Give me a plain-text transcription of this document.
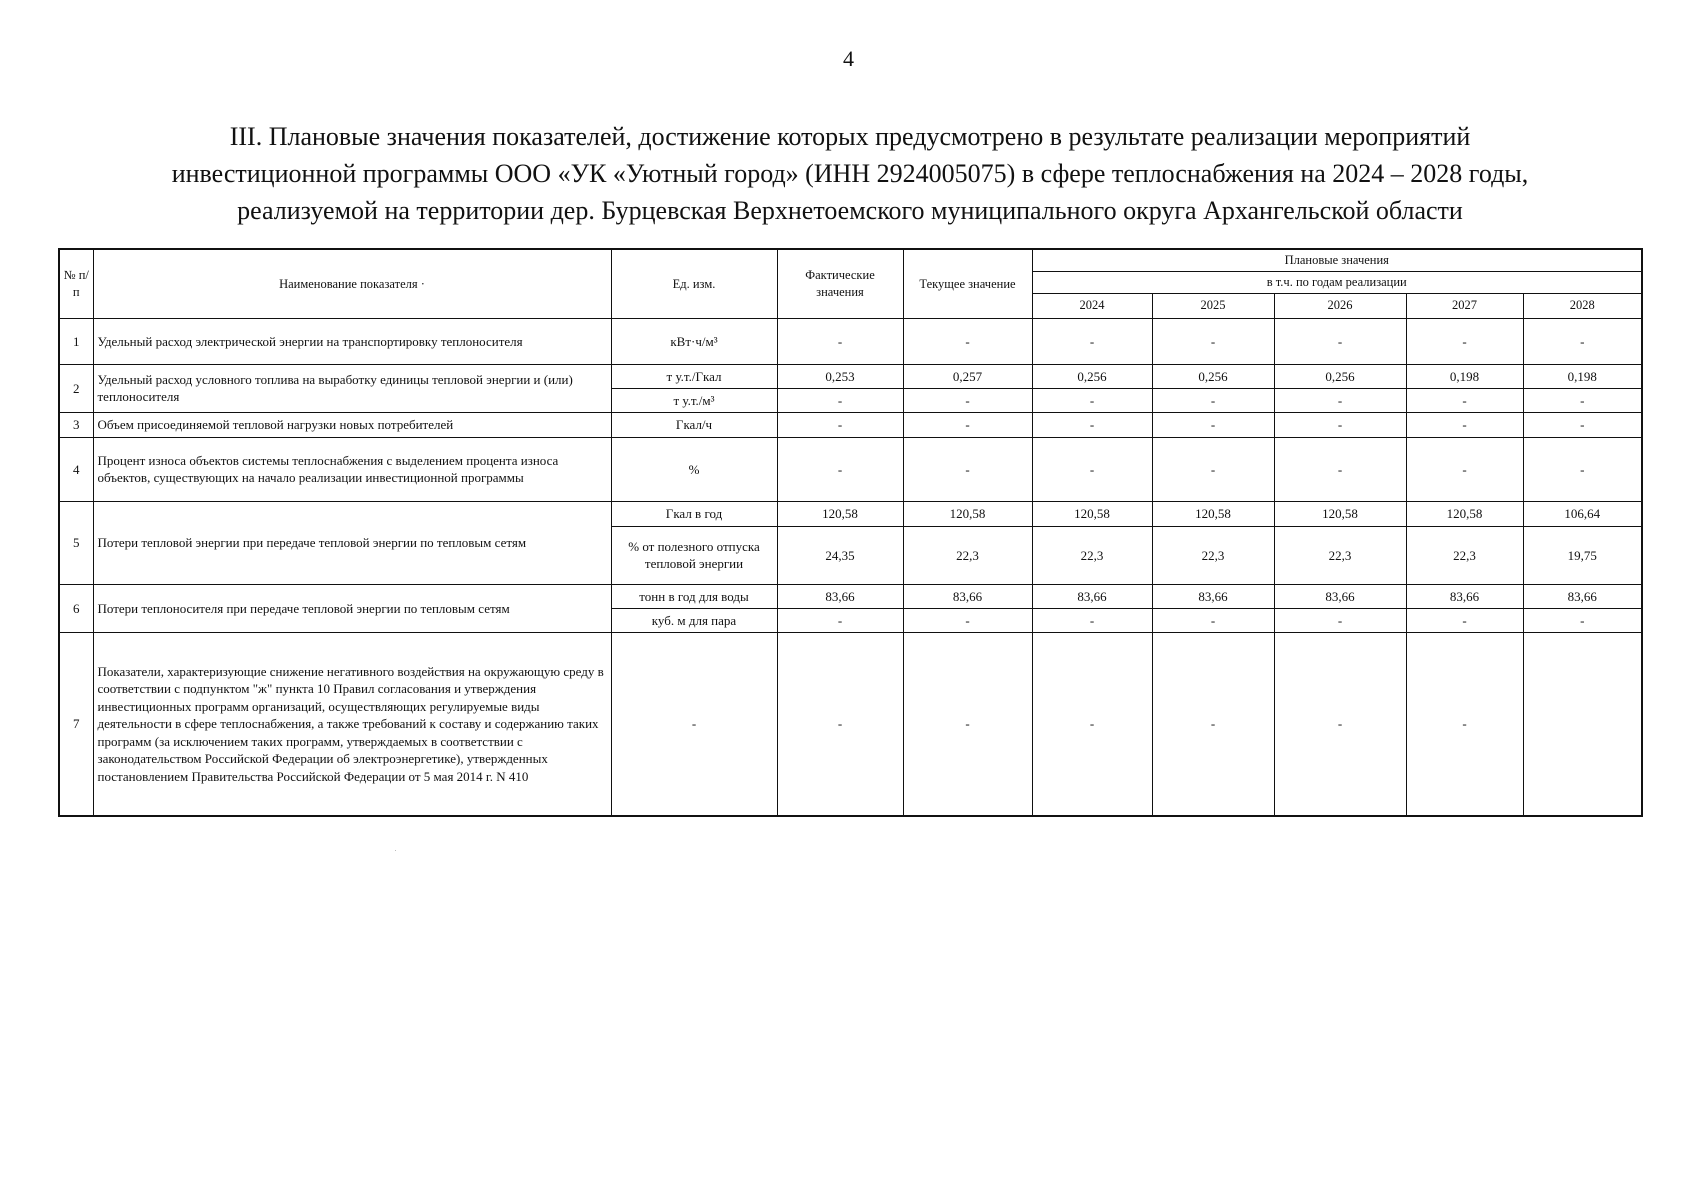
4
III. Плановые значения показателей, достижение которых предусмотрено в результате реализации мероприятий
инвестиционной программы ООО «УК «Уютный город» (ИНН 2924005075) в сфере теплоснабжения на 2024 – 2028 годы,
реализуемой на территории дер. Бурцевская Верхнетоемского муниципального округа Архангельской области
№ п/п	Наименование показателя ·	Ед. изм.	Фактические значения	Текущее значение	Плановые значения				
					в т.ч. по годам реализации				
					2024	2025	2026	2027	2028
1	Удельный расход электрической энергии на транспортировку теплоносителя	кВт·ч/м³	-	-	-	-	-	-	-
2	Удельный расход условного топлива на выработку единицы тепловой энергии и (или) теплоносителя	т у.т./Гкал	0,253	0,257	0,256	0,256	0,256	0,198	0,198
		т у.т./м³	-	-	-	-	-	-	-
3	Объем присоединяемой тепловой нагрузки новых потребителей	Гкал/ч	-	-	-	-	-	-	-
4	Процент износа объектов системы теплоснабжения с выделением процента износа объектов, существующих на начало реализации инвестиционной программы	%	-	-	-	-	-	-	-
5	Потери тепловой энергии при передаче тепловой энергии по тепловым сетям	Гкал в год	120,58	120,58	120,58	120,58	120,58	120,58	106,64
		% от полезного отпуска тепловой энергии	24,35	22,3	22,3	22,3	22,3	22,3	19,75
6	Потери теплоносителя при передаче тепловой энергии по тепловым сетям	тонн в год для воды	83,66	83,66	83,66	83,66	83,66	83,66	83,66
		куб. м для пара	-	-	-	-	-	-	-
7	Показатели, характеризующие снижение негативного воздействия на окружающую среду в соответствии с подпунктом "ж" пункта 10 Правил согласования и утверждения инвестиционных программ организаций, осуществляющих регулируемые виды деятельности в сфере теплоснабжения, а также требований к составу и содержанию таких программ (за исключением таких программ, утверждаемых в соответствии с законодательством Российской Федерации об электроэнергетике), утвержденных постановлением Правительства Российской Федерации от 5 мая 2014 г. N 410	-	-	-	-	-	-	-	
